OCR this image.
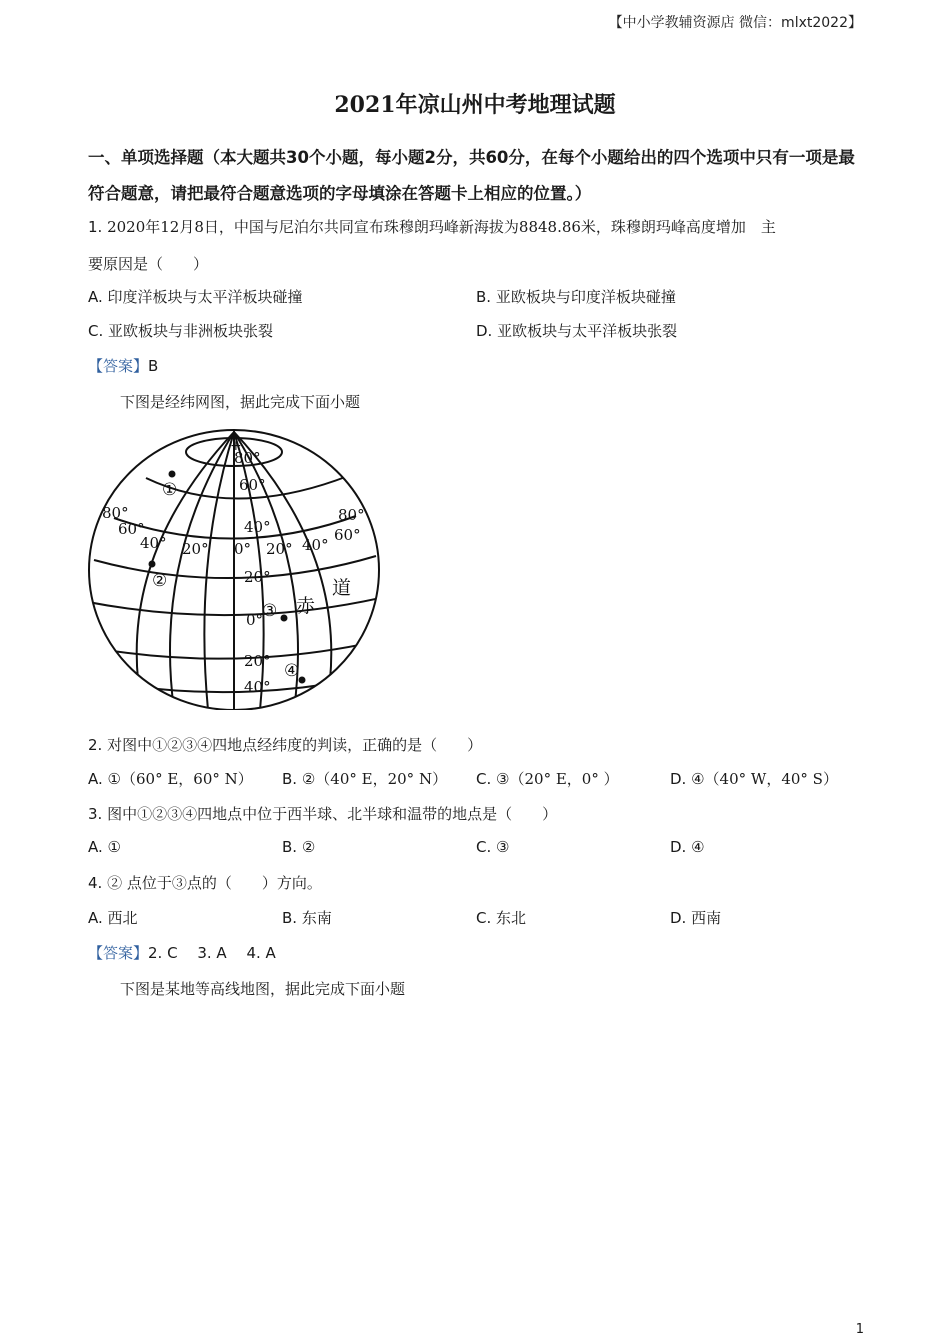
【中小学教辅资源店 微信：mlxt2022】
2021年凉山州中考地理试题
一、单项选择题（本大题共30个小题，每小题2分，共60分，在每个小题给出的四个选项中只有一项是最符合题意，请把最符合题意选项的字母填涂在答题卡上相应的位置。）
1. 2020年12月8日，中国与尼泊尔共同宣布珠穆朗玛峰新海拔为8848.86米，珠穆朗玛峰高度增加　主
要原因是（　　）
A. 印度洋板块与太平洋板块碰撞	B. 亚欧板块与印度洋板块碰撞
C. 亚欧板块与非洲板块张裂	D. 亚欧板块与太平洋板块张裂
【答案】B
下图是经纬网图，据此完成下面小题
+
80°
60°
40°
20°
0°
20°
40°
80°
60°
40° 20° 0° 20° 40°
80°
60°
①
②
③
④
赤
道
2. 对图中①②③④四地点经纬度的判读，正确的是（　　）
A. ①（60° E，60° N） B. ②（40° E，20° N） C. ③（20° E，0° ）	D. ④（40° W，40° S）
3. 图中①②③④四地点中位于西半球、北半球和温带的地点是（　　）
A. ①	B. ②	C. ③	D. ④
4. ② 点位于③点的（　　）方向。
A. 西北	B. 东南	C. 东北	D. 西南
【答案】2. C　 3. A　 4. A
下图是某地等高线地图，据此完成下面小题
1
